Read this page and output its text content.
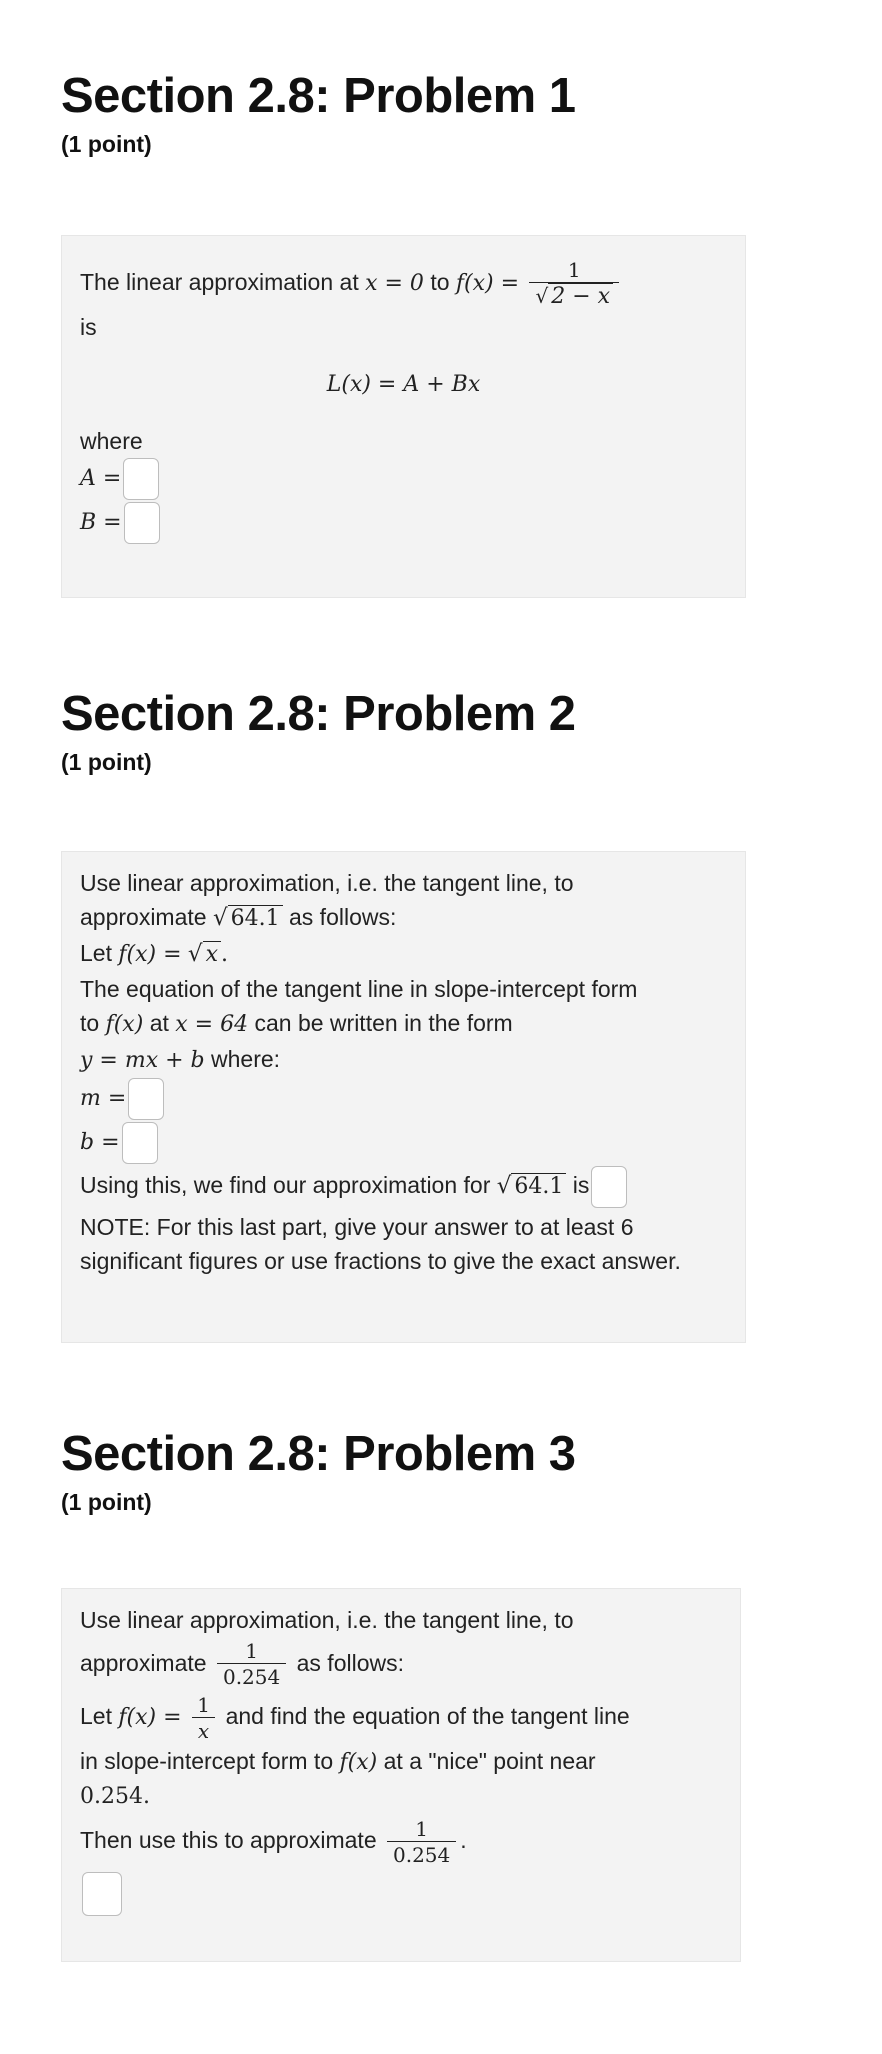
Section 2.8: Problem 1
(1 point)
The linear approximation at x = 0 to $f(x) = \frac{1}{√ 2 - x}$
is
L(x) = A + Bx
where
A =
B =
Section 2.8: Problem 2
(1 point)
Use linear approximation, i.e. the tangent line, to
approximate √ 64.1 as follows:
Let f(x) = √ x .
The equation of the tangent line in slope-intercept form
to f(x) at x = 64 can be written in the form
y = mx + b where:
m =
b =
Using this, we find our approximation for √ 64.1 is
NOTE: For this last part, give your answer to at least 6 significant figures or use fractions to give the exact answer.
Section 2.8: Problem 3
(1 point)
Use linear approximation, i.e. the tangent line, to
approximate $\frac{1}{0.254}$ as follows:
Let $f(x) = \frac{1}{x}$ and find the equation of the tangent line
in slope-intercept form to f(x) at a "nice" point near
0.254.
Then use this to approximate $\frac{1}{0.254}$ .
